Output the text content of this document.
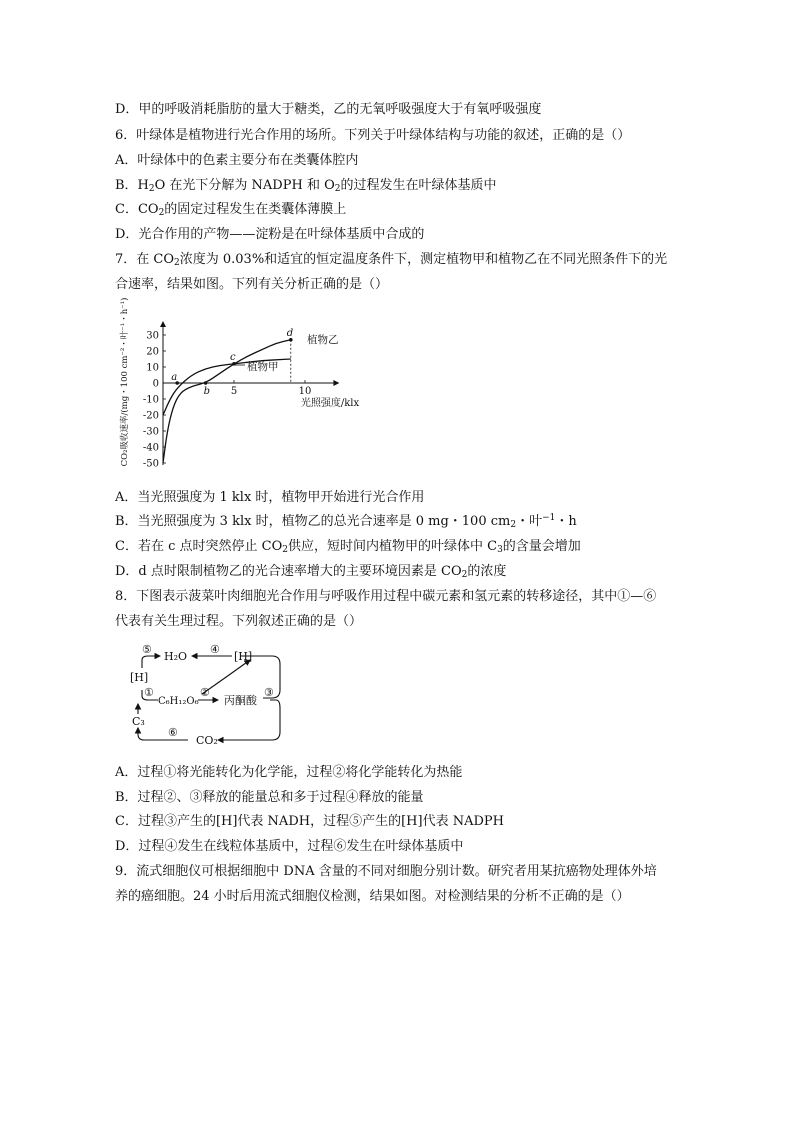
D．甲的呼吸消耗脂肪的量大于糖类，乙的无氧呼吸强度大于有氧呼吸强度
6．叶绿体是植物进行光合作用的场所。下列关于叶绿体结构与功能的叙述，正确的是（）
A．叶绿体中的色素主要分布在类囊体腔内
B．$H_2O$ 在光下分解为 NADPH 和 $O_2$的过程发生在叶绿体基质中
C．$CO_2$的固定过程发生在类囊体薄膜上
D．光合作用的产物——淀粉是在叶绿体基质中合成的
7．在 $CO_2$浓度为 0.03%和适宜的恒定温度条件下，测定植物甲和植物乙在不同光照条件下的光
合速率，结果如图。下列有关分析正确的是（）
A．当光照强度为 1 klx 时，植物甲开始进行光合作用
B．当光照强度为 3 klx 时，植物乙的总光合速率是 0 mg・100 $cm_2$・叶$^{-1}$・h
C．若在 c 点时突然停止 $CO_2$供应，短时间内植物甲的叶绿体中 $C_3$的含量会增加
D．d 点时限制植物乙的光合速率增大的主要环境因素是 $CO_2$的浓度
8．下图表示菠菜叶肉细胞光合作用与呼吸作用过程中碳元素和氢元素的转移途径，其中①—⑥
代表有关生理过程。下列叙述正确的是（）
A．过程①将光能转化为化学能，过程②将化学能转化为热能
B．过程②、③释放的能量总和多于过程④释放的能量
C．过程③产生的[H]代表 NADH，过程⑤产生的[H]代表 NADPH
D．过程④发生在线粒体基质中，过程⑥发生在叶绿体基质中
9．流式细胞仪可根据细胞中 DNA 含量的不同对细胞分别计数。研究者用某抗癌物处理体外培
养的癌细胞。24 小时后用流式细胞仪检测，结果如图。对检测结果的分析不正确的是（）
30
20
10
0
-10
-20
-30
-40
-50
5	10
a
b
c
d
CO₂吸收速率/(mg・100 cm⁻²・叶⁻¹・h⁻¹)	光照强度/klx
植物甲
植物乙
⑤
H₂O
④
[H]
[H]
①
C₆H₁₂O₆
②
丙酮酸
③
C₃
⑥
CO₂
